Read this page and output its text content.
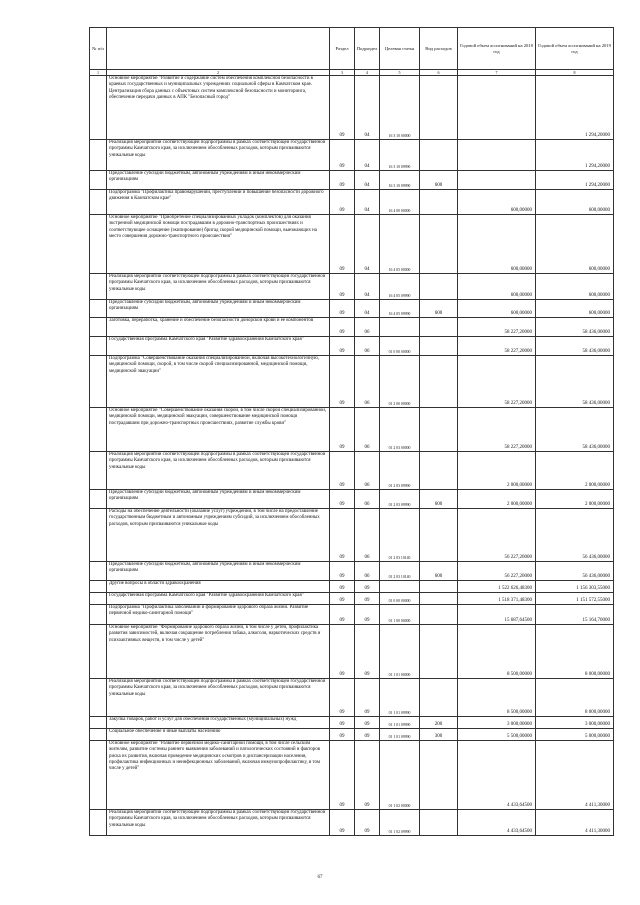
№ п/п		Раздел	Подраздел	Целевая статья	Вид расходов	Годовой объем ассигнований на 2018 год	Годовой объем ассигнований на 2019 год
1	2	3	4	5	6	7	8
	Основное мероприятие "Развитие и содержание систем обеспечения комплексной безопасности в краевых государственных и муниципальных учреждениях социальной сферы в Камчатском крае. Централизация сбора данных с объектовых систем комплексной безопасности и мониторинга, обеспечение передачи данных в АПК "Безопасный город"	09	04	16 3 10 00000			1 294,20000
	Реализация мероприятий соответствующей подпрограммы в рамках соответствующей государственной программы Камчатского края, за исключением обособленных расходов, которым присваиваются уникальные коды	09	04	16 3 10 09990			1 294,20000
	Предоставление субсидий бюджетным, автономным учреждениям и иным некоммерческим организациям	09	04	16 3 10 09990	600		1 294,20000
	Подпрограмма "Профилактика правонарушений, преступлений и повышение безопасности дорожного движения в Камчатском крае"	09	04	16 4 00 00000		600,00000	600,00000
	Основное мероприятие "Приобретение специализированных укладок (комплектов) для оказания экстренной медицинской помощи пострадавшим в дорожно-транспортных происшествиях и соответствующее оснащение (экипирование) бригад скорой медицинской помощи, выезжающих на место совершения дорожно-транспортного происшествия"	09	04	16 4 05 00000		600,00000	600,00000
	Реализация мероприятий соответствующей подпрограммы в рамках соответствующей государственной программы Камчатского края, за исключением обособленных расходов, которым присваиваются уникальные коды	09	04	16 4 05 09990		600,00000	600,00000
	Предоставление субсидий бюджетным, автономным учреждениям и иным некоммерческим организациям	09	04	16 4 05 09990	600	600,00000	600,00000
	Заготовка, переработка, хранение и обеспечение безопасности донорской крови и ее компонентов	09	06			58 227,20000	58 436,00000
	Государственная программа Камчатского края "Развитие здравоохранения Камчатского края"	09	06	01 0 00 00000		58 227,20000	58 436,00000
	Подпрограмма "Совершенствование оказания специализированной, включая высокотехнологичную, медицинской помощи, скорой, в том числе скорой специализированной, медицинской помощи, медицинской эвакуации"	09	06	01 2 00 00000		58 227,20000	58 436,00000
	Основное мероприятие "Совершенствование оказания скорой, в том числе скорой специализированной, медицинской помощи, медицинской эвакуации, совершенствование медицинской помощи пострадавшим при дорожно-транспортных происшествиях, развитие службы крови"	09	06	01 2 03 00000		58 227,20000	58 436,00000
	Реализация мероприятий соответствующей подпрограммы в рамках соответствующей государственной программы Камчатского края, за исключением обособленных расходов, которым присваиваются уникальные коды	09	06	01 2 03 09990		2 000,00000	2 000,00000
	Предоставление субсидий бюджетным, автономным учреждениям и иным некоммерческим организациям	09	06	01 2 03 09990	600	2 000,00000	2 000,00000
	Расходы на обеспечение деятельности (оказание услуг) учреждений, в том числе на предоставление государственным бюджетным и автономным учреждениям субсидий, за исключением обособленных расходов, которым присваиваются уникальные коды	09	06	01 2 03 10140		56 227,20000	56 436,00000
	Предоставление субсидий бюджетным, автономным учреждениям и иным некоммерческим организациям	09	06	01 2 03 10140	600	56 227,20000	56 436,00000
	Другие вопросы в области здравоохранения	09	09			1 522 626,48300	1 156 303,55000
	Государственная программа Камчатского края "Развитие здравоохранения Камчатского края"	09	09	01 0 00 00000		1 518 371,48300	1 151 572,55000
	Подпрограмма "Профилактика заболеваний и формирование здорового образа жизни. Развитие первичной медико-санитарной помощи"	09	09	01 1 00 00000		15 687,64500	15 164,70000
	Основное мероприятие "Формирование здорового образа жизни, в том числе у детей, профилактика развития зависимостей, включая сокращение потребления табака, алкоголя, наркотических средств и психоактивных веществ, в том числе у детей"	09	09	01 1 01 00000		8 500,00000	8 000,00000
	Реализация мероприятий соответствующей подпрограммы в рамках соответствующей государственной программы Камчатского края, за исключением обособленных расходов, которым присваиваются уникальные коды	09	09	01 1 01 09990		8 500,00000	8 000,00000
	Закупка товаров, работ и услуг для обеспечения государственных (муниципальных) нужд	09	09	01 1 01 09990	200	3 000,00000	3 000,00000
	Социальное обеспечение и иные выплаты населению	09	09	01 1 01 09990	300	5 500,00000	5 000,00000
	Основное мероприятие "Развитие первичной медико-санитарной помощи, в том числе сельским жителям, развитие системы раннего выявления заболеваний и патологических состояний и факторов риска их развития, включая проведение медицинских осмотров и диспансеризации населения, профилактика инфекционных и неинфекционных заболеваний, включая иммунопрофилактику, в том числе у детей"	09	09	01 1 02 00000		4 433,64500	4 411,30000
	Реализация мероприятий соответствующей подпрограммы в рамках соответствующей государственной программы Камчатского края, за исключением обособленных расходов, которым присваиваются уникальные коды	09	09	01 1 02 09990		4 433,64500	4 411,30000
67
